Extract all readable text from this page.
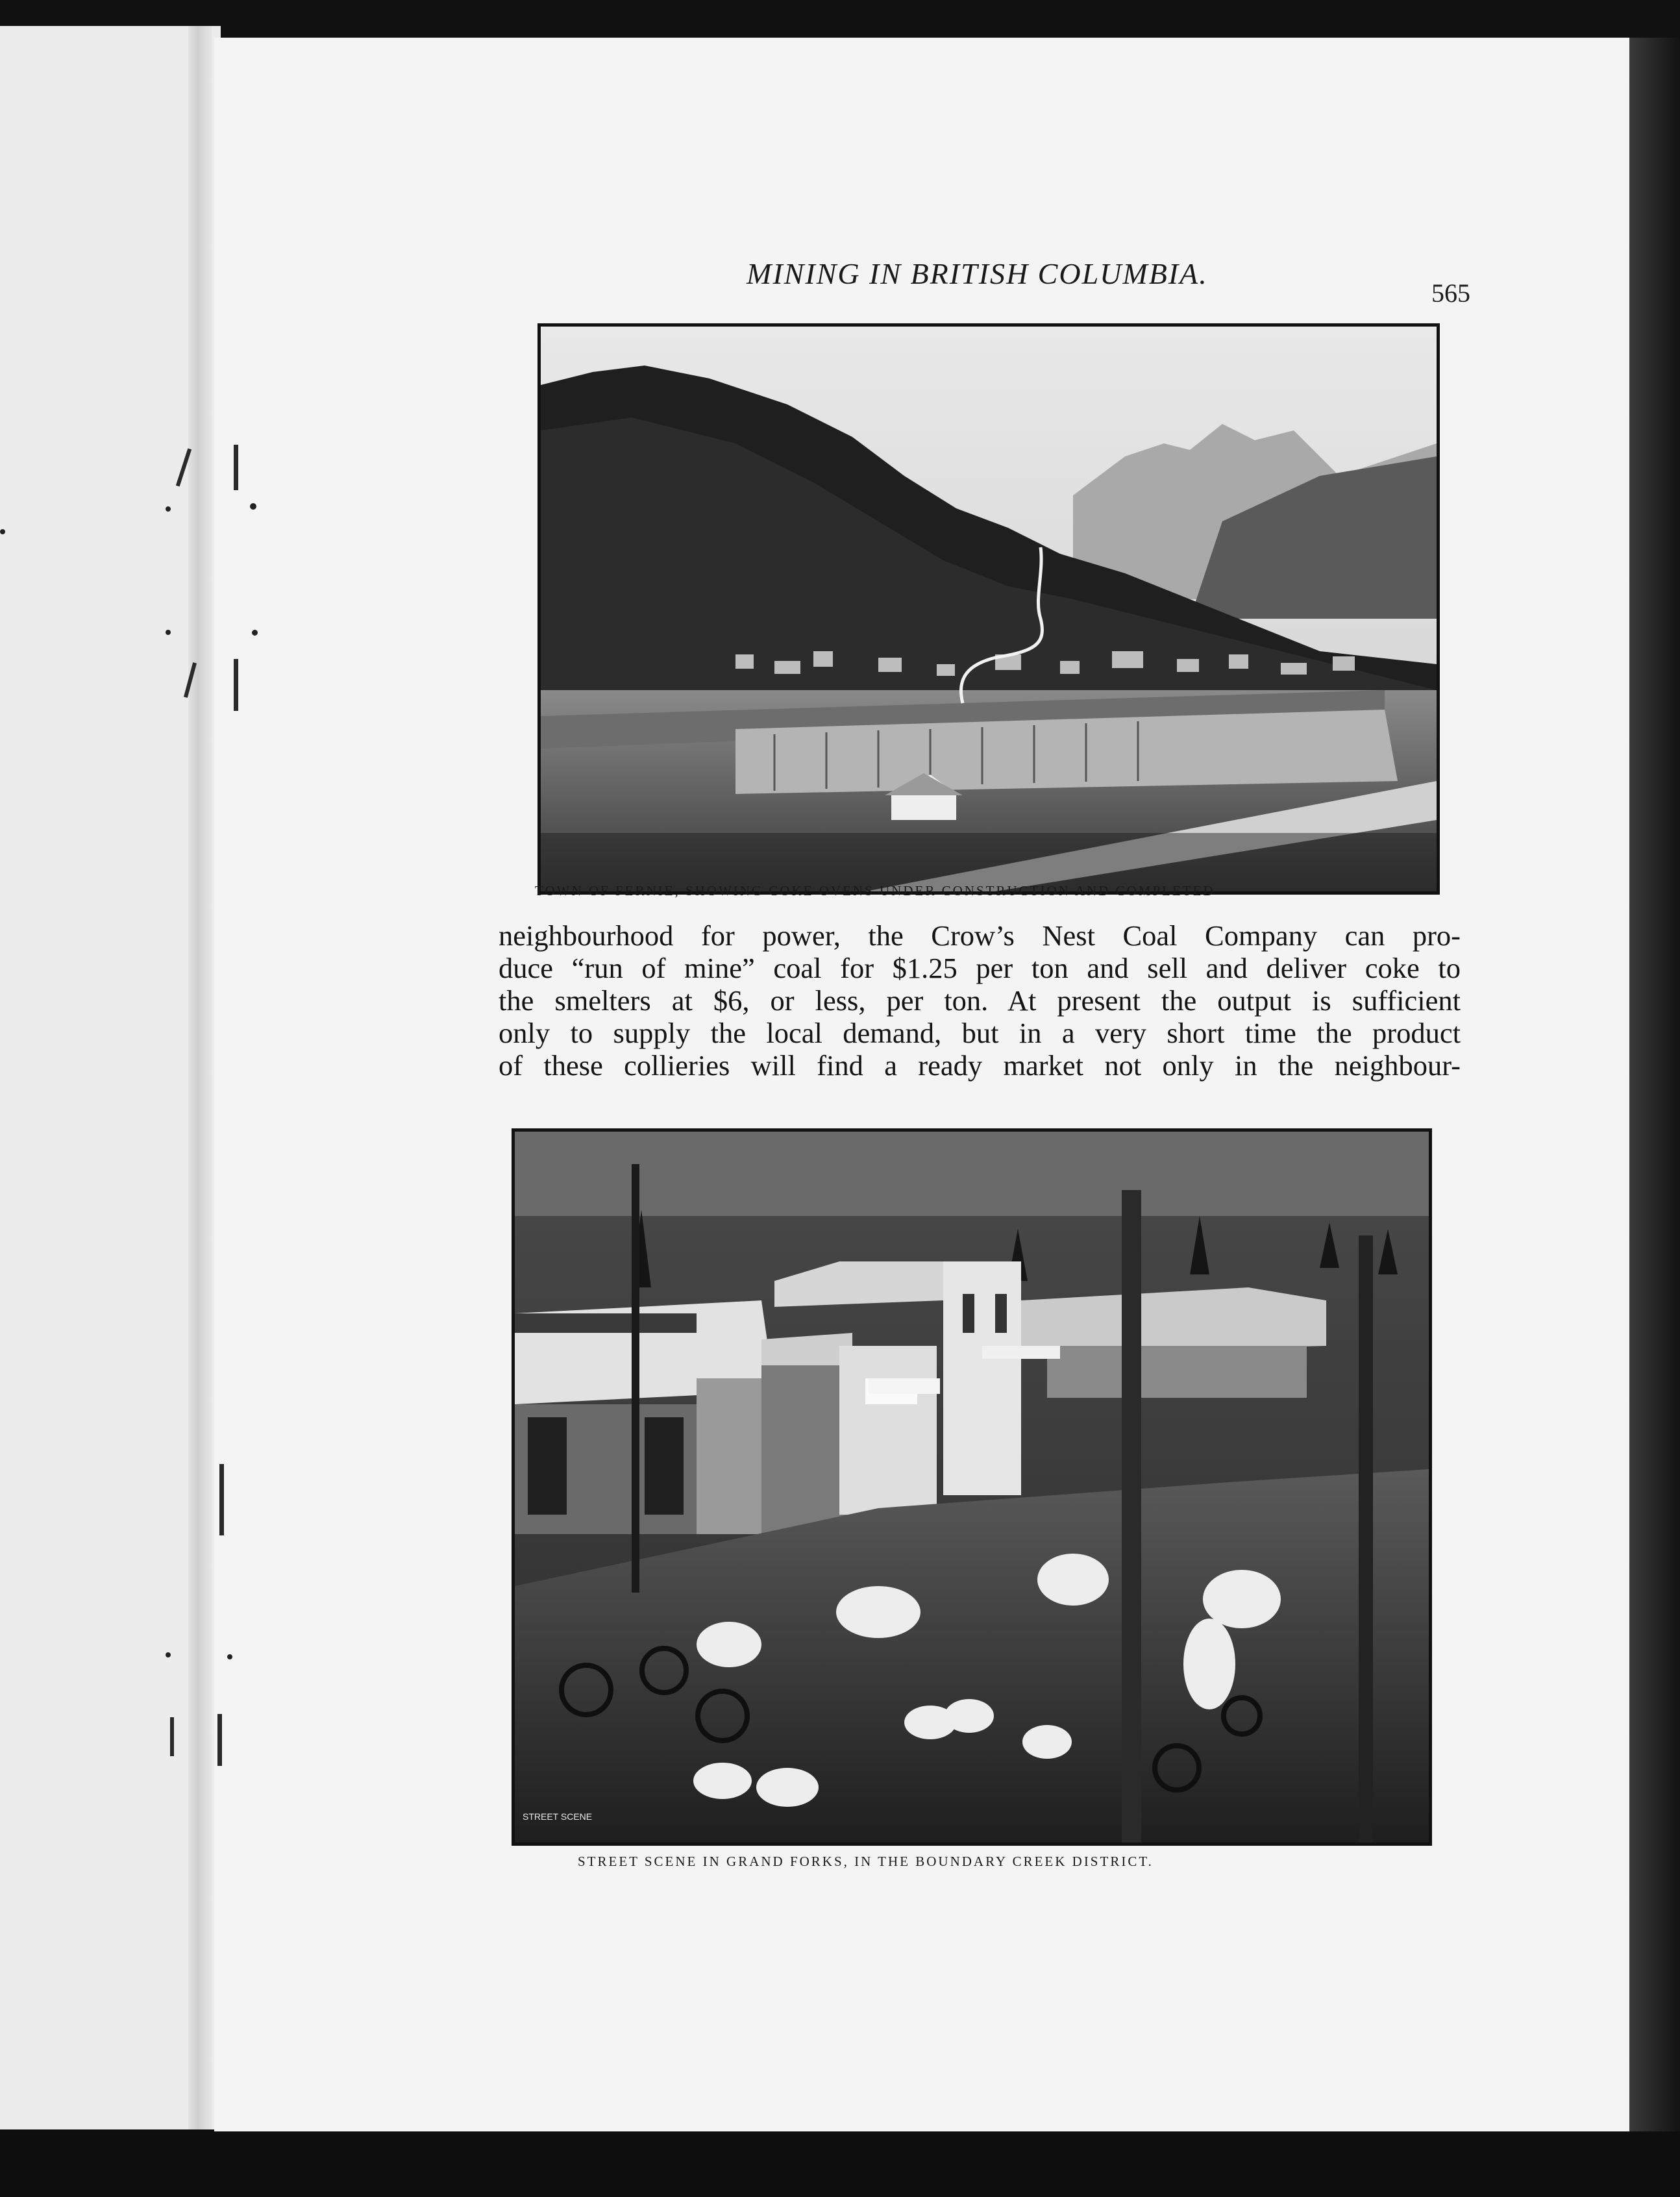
MINING IN BRITISH COLUMBIA.
565
TOWN OF FERNIE, SHOWING COKE OVENS UNDER CONSTRUCTION AND COMPLETED
neighbourhood for power, the Crow’s Nest Coal Company can pro-
duce “run of mine” coal for $1.25 per ton and sell and deliver coke to
the smelters at $6, or less, per ton. At present the output is sufficient
only to supply the local demand, but in a very short time the product
of these collieries will find a ready market not only in the neighbour-
STREET SCENE
STREET SCENE IN GRAND FORKS, IN THE BOUNDARY CREEK DISTRICT.
